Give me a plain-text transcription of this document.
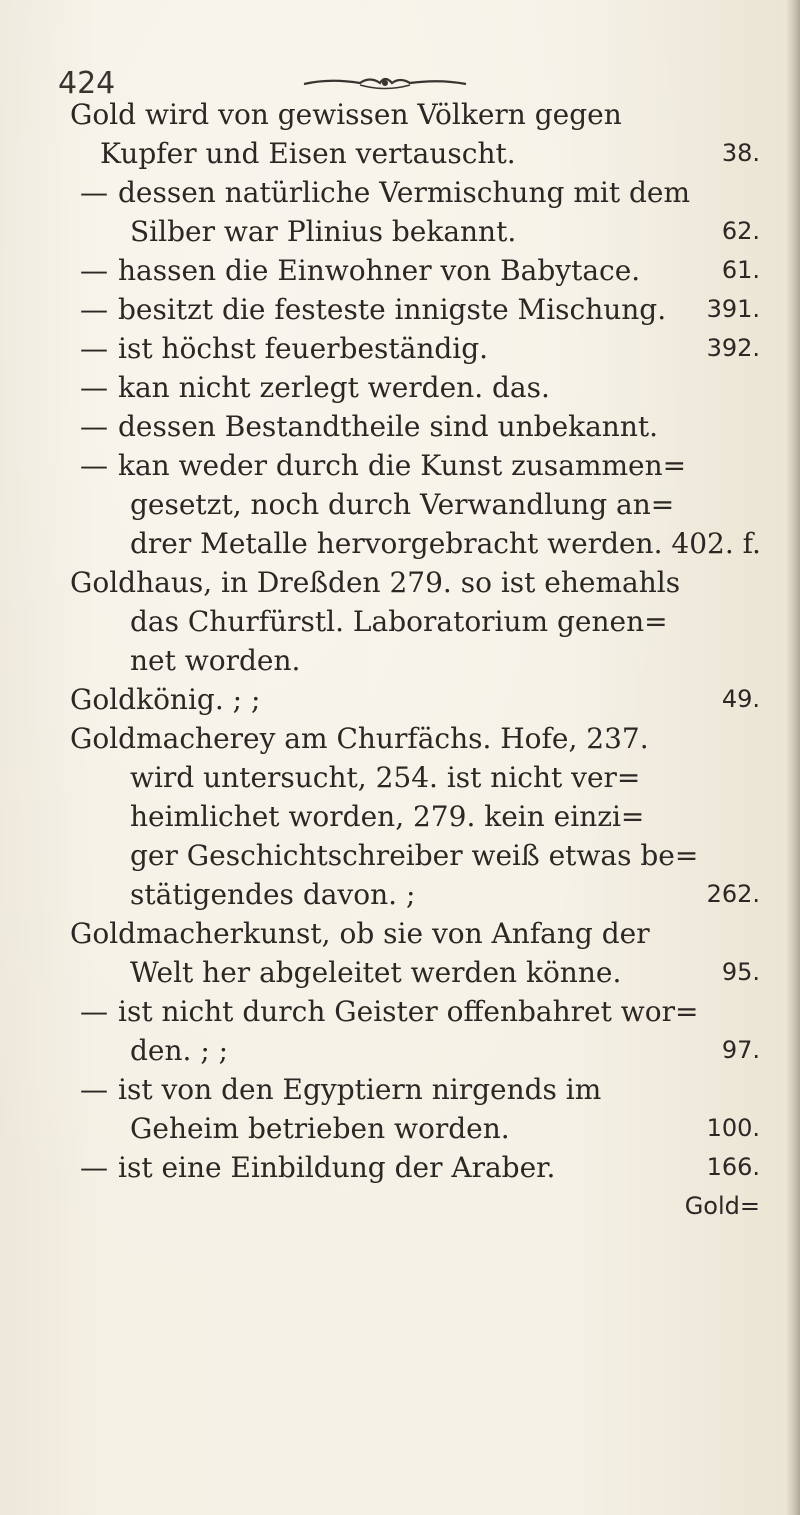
424
Gold wird von gewissen Völkern gegen
Kupfer und Eisen vertauscht.	38.
— dessen natürliche Vermischung mit dem
Silber war Plinius bekannt.	62.
— hassen die Einwohner von Babytace.	61.
— besitzt die festeste innigste Mischung. 391.
— ist höchst feuerbeständig.	392.
— kan nicht zerlegt werden. das.
— dessen Bestandtheile sind unbekannt.
— kan weder durch die Kunst zusammen=
gesetzt, noch durch Verwandlung an=
drer Metalle hervorgebracht werden. 402. f.
Goldhaus, in Dreßden 279. so ist ehemahls
das Churfürstl. Laboratorium genen=
net worden.
Goldkönig. ; ;	49.
Goldmacherey am Churfächs. Hofe, 237.
wird untersucht, 254. ist nicht ver=
heimlichet worden, 279. kein einzi=
ger Geschichtschreiber weiß etwas be=
stätigendes davon. ;	262.
Goldmacherkunst, ob sie von Anfang der
Welt her abgeleitet werden könne.	95.
— ist nicht durch Geister offenbahret wor=
den. ; ;	97.
— ist von den Egyptiern nirgends im
Geheim betrieben worden.	100.
— ist eine Einbildung der Araber.	166.
Gold=
